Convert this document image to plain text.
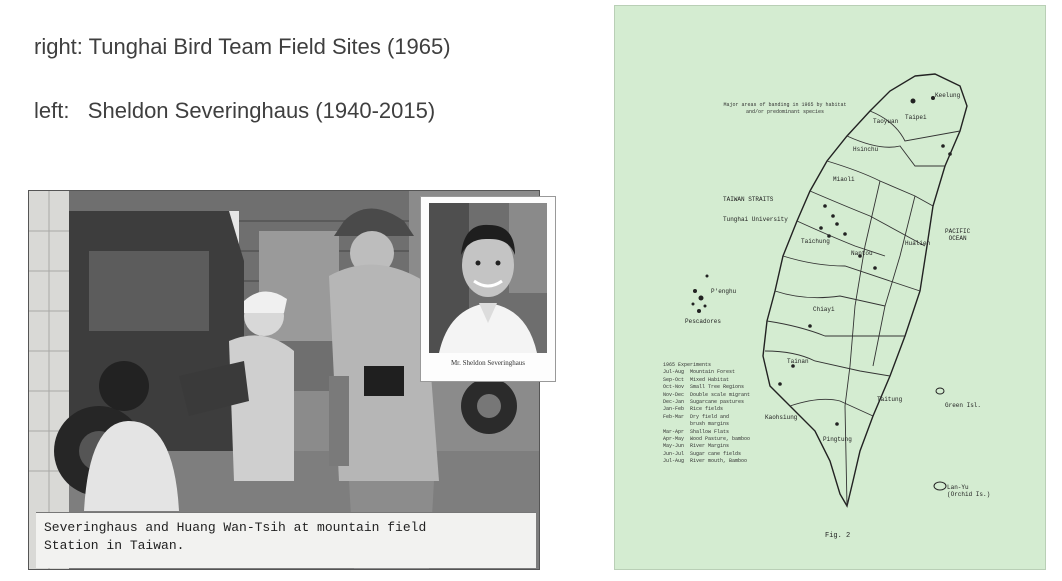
right: Tunghai Bird Team Field Sites (1965)
left:   Sheldon Severinghaus (1940-2015)
Severinghaus and Huang Wan-Tsih at mountain field
Station in Taiwan.
Mr. Sheldon Severinghaus
Major areas of banding in 1965 by habitat
and/or predominant species
TAIWAN STRAITS
Tunghai University
PACIFIC
OCEAN
Taipei
Keelung
Taoyuan
Hsinchu
Miaoli
Taichung
Nantou
Hualien
P'enghu
Pescadores
Chiayi
Tainan
Kaohsiung
Pingtung
Taitung
Green Isl.
Lan-Yu
(Orchid Is.)
1965 Experiments
Jul-Aug  Mountain Forest
Sep-Oct  Mixed Habitat
Oct-Nov  Small Tree Regions
Nov-Dec  Double scale migrant
Dec-Jan  Sugarcane pastures
Jan-Feb  Rice fields
Feb-Mar  Dry field and
brush margins
Mar-Apr  Shallow Flats
Apr-May  Wood Pasture, bamboo
May-Jun  River Margins
Jun-Jul  Sugar cane fields
Jul-Aug  River mouth, Bamboo
Fig. 2
